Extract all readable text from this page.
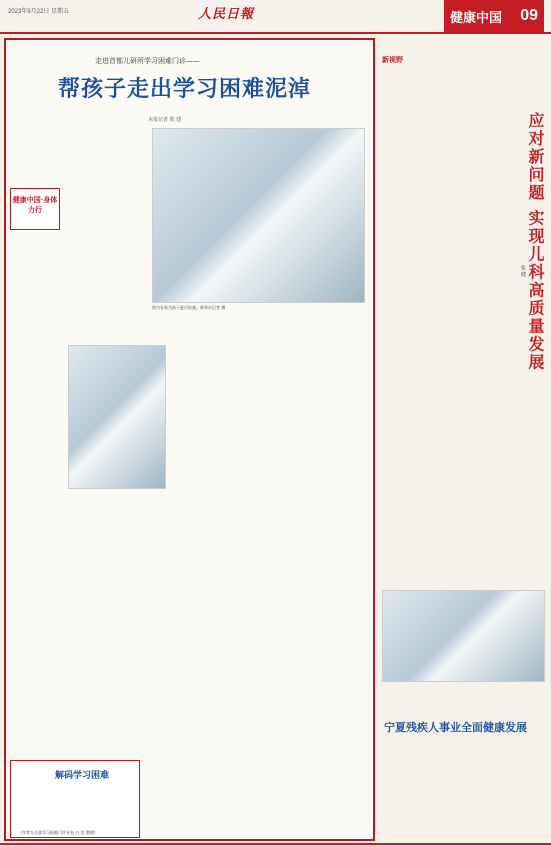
2023年9月22日 星期五	人民日報	健康中国 09
走进首都儿研所学习困难门诊——
帮孩子走出学习困难泥淖
本报记者 熊 建
健康中国·身体力行
图为专家为孩子进行检查。新华社记者 摄
解码学习困难
（作者为儿童学习困难门诊专家 白 浩 整理）
新视野
应对新问题 实现儿科高质量发展
张 健
宁夏残疾人事业全面健康发展
